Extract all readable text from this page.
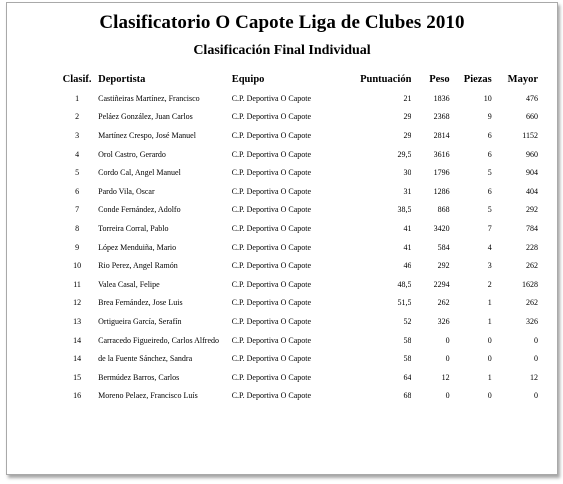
Clasificatorio O Capote Liga de Clubes 2010
Clasificación Final Individual
Clasif.	Deportista	Equipo	Puntuación	Peso	Piezas	Mayor
1	Castiñeiras Martínez, Francisco	C.P. Deportiva O Capote	21	1836	10	476
2	Peláez González, Juan Carlos	C.P. Deportiva O Capote	29	2368	9	660
3	Martínez Crespo, José Manuel	C.P. Deportiva O Capote	29	2814	6	1152
4	Orol Castro, Gerardo	C.P. Deportiva O Capote	29,5	3616	6	960
5	Cordo Cal, Angel Manuel	C.P. Deportiva O Capote	30	1796	5	904
6	Pardo Vila, Oscar	C.P. Deportiva O Capote	31	1286	6	404
7	Conde Fernández, Adolfo	C.P. Deportiva O Capote	38,5	868	5	292
8	Torreira Corral, Pablo	C.P. Deportiva O Capote	41	3420	7	784
9	López Menduiña, Mario	C.P. Deportiva O Capote	41	584	4	228
10	Rio Perez, Angel Ramón	C.P. Deportiva O Capote	46	292	3	262
11	Valea Casal, Felipe	C.P. Deportiva O Capote	48,5	2294	2	1628
12	Brea Fernández, Jose Luis	C.P. Deportiva O Capote	51,5	262	1	262
13	Ortigueira García, Serafín	C.P. Deportiva O Capote	52	326	1	326
14	Carracedo Figueiredo, Carlos Alfredo	C.P. Deportiva O Capote	58	0	0	0
14	de la Fuente Sánchez, Sandra	C.P. Deportiva O Capote	58	0	0	0
15	Bermúdez Barros, Carlos	C.P. Deportiva O Capote	64	12	1	12
16	Moreno Pelaez, Francisco Luís	C.P. Deportiva O Capote	68	0	0	0
